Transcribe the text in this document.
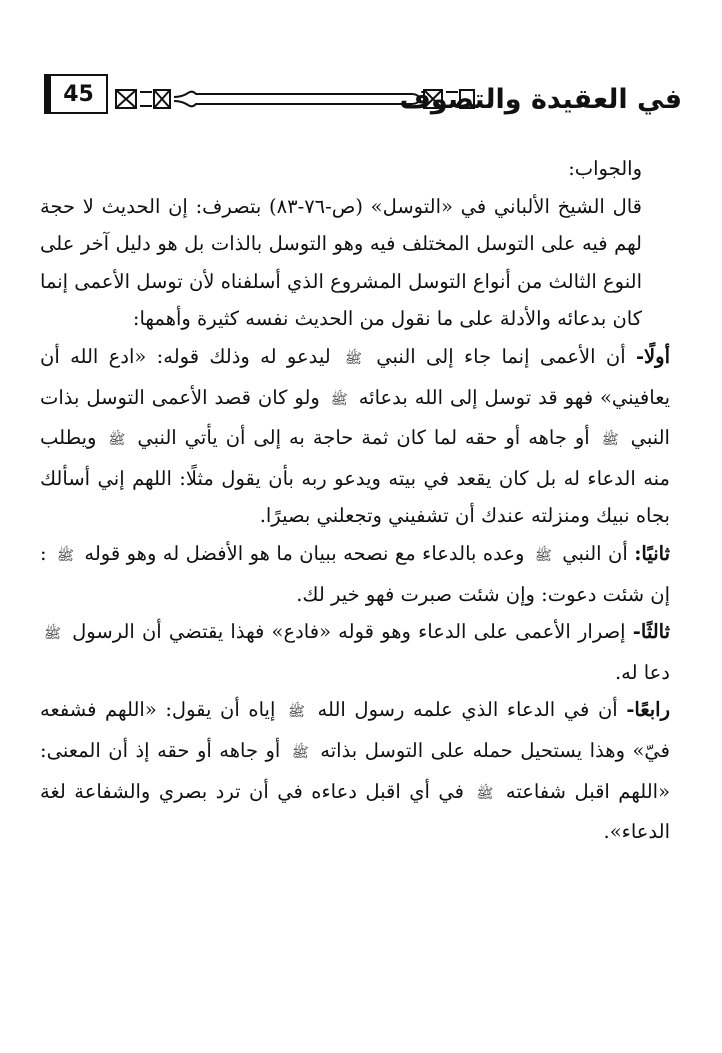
45	في العقيدة والتصوف

والجواب:

قال الشيخ الألباني في «التوسل» (ص-٧٦-٨٣) بتصرف: إن الحديث لا حجة لهم فيه على التوسل المختلف فيه وهو التوسل بالذات بل هو دليل آخر على النوع الثالث من أنواع التوسل المشروع الذي أسلفناه لأن توسل الأعمى إنما كان بدعائه والأدلة على ما نقول من الحديث نفسه كثيرة وأهمها:

أولًا- أن الأعمى إنما جاء إلى النبي ﷺ ليدعو له وذلك قوله: «ادع الله أن يعافيني» فهو قد توسل إلى الله بدعائه ﷺ ولو كان قصد الأعمى التوسل بذات النبي ﷺ أو جاهه أو حقه لما كان ثمة حاجة به إلى أن يأتي النبي ﷺ ويطلب منه الدعاء له بل كان يقعد في بيته ويدعو ربه بأن يقول مثلًا: اللهم إني أسألك بجاه نبيك ومنزلته عندك أن تشفيني وتجعلني بصيرًا.

ثانيًا: أن النبي ﷺ وعده بالدعاء مع نصحه ببيان ما هو الأفضل له وهو قوله ﷺ : إن شئت دعوت: وإن شئت صبرت فهو خير لك.

ثالثًا- إصرار الأعمى على الدعاء وهو قوله «فادع» فهذا يقتضي أن الرسول ﷺ دعا له.

رابعًا- أن في الدعاء الذي علمه رسول الله ﷺ إياه أن يقول: «اللهم فشفعه فيّ» وهذا يستحيل حمله على التوسل بذاته ﷺ أو جاهه أو حقه إذ أن المعنى: «اللهم اقبل شفاعته ﷺ في أي اقبل دعاءه في أن ترد بصري والشفاعة لغة الدعاء».
